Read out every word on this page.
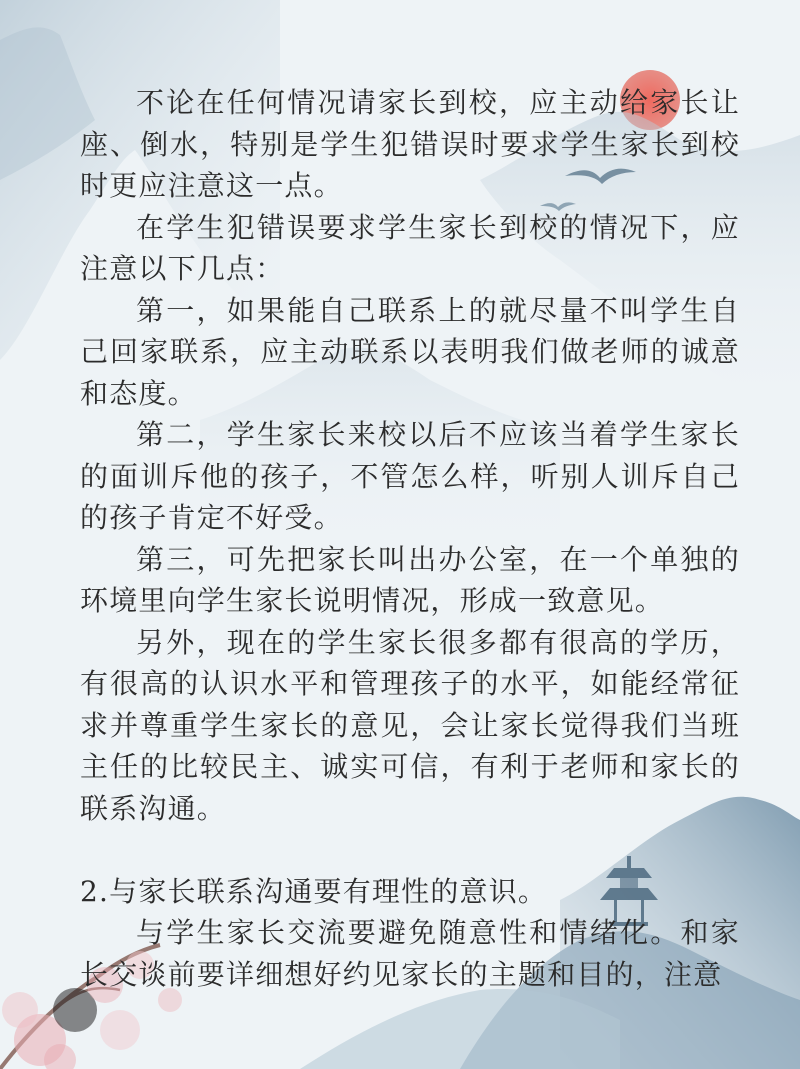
不论在任何情况请家长到校，应主动给家长让座、倒水，特别是学生犯错误时要求学生家长到校时更应注意这一点。

在学生犯错误要求学生家长到校的情况下，应注意以下几点：

第一，如果能自己联系上的就尽量不叫学生自己回家联系，应主动联系以表明我们做老师的诚意和态度。

第二，学生家长来校以后不应该当着学生家长的面训斥他的孩子，不管怎么样，听别人训斥自己的孩子肯定不好受。

第三，可先把家长叫出办公室，在一个单独的环境里向学生家长说明情况，形成一致意见。

另外，现在的学生家长很多都有很高的学历，有很高的认识水平和管理孩子的水平，如能经常征求并尊重学生家长的意见，会让家长觉得我们当班主任的比较民主、诚实可信，有利于老师和家长的联系沟通。

2.与家长联系沟通要有理性的意识。

与学生家长交流要避免随意性和情绪化。和家长交谈前要详细想好约见家长的主题和目的，注意
